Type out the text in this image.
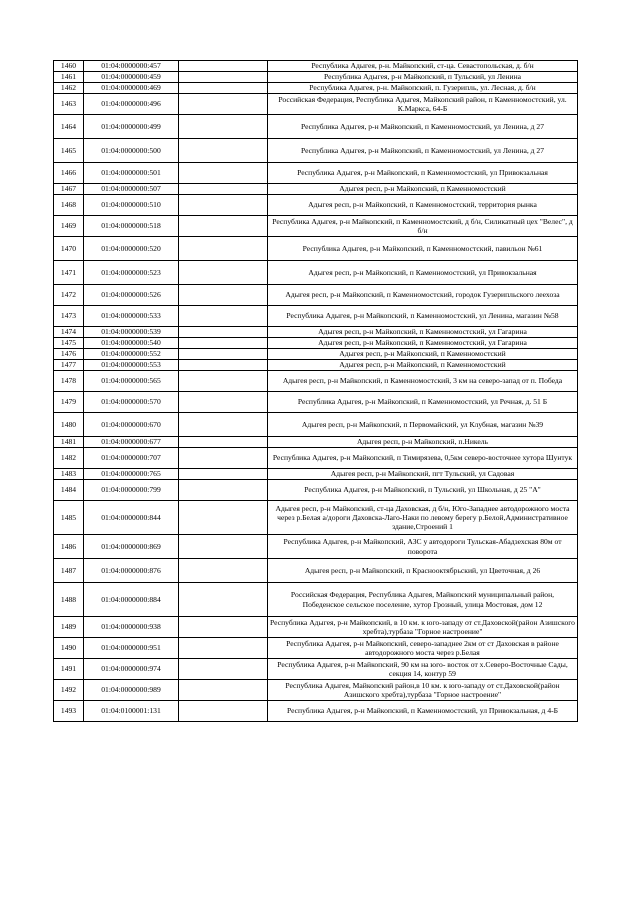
1460	01:04:0000000:457		Республика Адыгея, р-н. Майкопский, ст-ца. Севастопольская, д. б/н
1461	01:04:0000000:459		Республика Адыгея, р-н Майкопский, п Тульский, ул Ленина
1462	01:04:0000000:469		Республика Адыгея, р-н. Майкопский, п. Гузерипль, ул. Лесная, д. б/н
1463	01:04:0000000:496		Российская Федерация, Республика Адыгея, Майкопский район, п Каменномостский, ул. К.Маркса, 64-Б
1464	01:04:0000000:499		Республика Адыгея, р-н Майкопский, п Каменномостский, ул Ленина, д 27
1465	01:04:0000000:500		Республика Адыгея, р-н Майкопский, п Каменномостский, ул Ленина, д 27
1466	01:04:0000000:501		Республика Адыгея, р-н Майкопский, п Каменномостский, ул Привокзальная
1467	01:04:0000000:507		Адыгея респ, р-н Майкопский, п Каменномостский
1468	01:04:0000000:510		Адыгея респ, р-н Майкопский, п Каменномостский, территория рынка
1469	01:04:0000000:518		Республика Адыгея, р-н Майкопский, п Каменномостский, д б/н, Силикатный цех "Велес", д б/н
1470	01:04:0000000:520		Республика Адыгея, р-н Майкопский, п Каменномостский, павильон №61
1471	01:04:0000000:523		Адыгея респ, р-н Майкопский, п Каменномостский, ул Привокзальная
1472	01:04:0000000:526		Адыгея респ, р-н Майкопский, п Каменномостский, городок Гузерипльского леехоза
1473	01:04:0000000:533		Республика Адыгея, р-н Майкопский, п Каменномостский, ул Ленина, магазин №58
1474	01:04:0000000:539		Адыгея респ, р-н Майкопский, п Каменномостский, ул Гагарина
1475	01:04:0000000:540		Адыгея респ, р-н Майкопский, п Каменномостский, ул Гагарина
1476	01:04:0000000:552		Адыгея респ, р-н Майкопский, п Каменномостский
1477	01:04:0000000:553		Адыгея респ, р-н Майкопский, п Каменномостский
1478	01:04:0000000:565		Адыгея респ, р-н Майкопский, п Каменномостский, 3 км на северо-запад от п. Победа
1479	01:04:0000000:570		Республика Адыгея, р-н Майкопский, п Каменномостский, ул Речная, д. 51 Б
1480	01:04:0000000:670		Адыгея респ, р-н Майкопский, п Первомайский, ул Клубная, магазин №39
1481	01:04:0000000:677		Адыгея респ, р-н Майкопский, п.Никель
1482	01:04:0000000:707		Республика Адыгея, р-н Майкопский, п Тимирязева, 0,5км северо-восточнее хутора Шунтук
1483	01:04:0000000:765		Адыгея респ, р-н Майкопский, пгт Тульский, ул Садовая
1484	01:04:0000000:799		Республика Адыгея, р-н Майкопский, п Тульский, ул Школьная, д 25 "А"
1485	01:04:0000000:844		Адыгея респ, р-н Майкопский, ст-ца Даховская, д б/н, Юго-Западнее автодорожного моста через р.Белая а/дороги Даховска-Лаго-Наки по левому берегу р.Белой,Административное здание,Строений 1
1486	01:04:0000000:869		Республика Адыгея, р-н Майкопский, АЗС у автодороги Тульская-Абадзехская 80м от поворота
1487	01:04:0000000:876		Адыгея респ, р-н Майкопский, п Краснооктябрьский, ул Цветочная, д 26
1488	01:04:0000000:884		Российская Федерация, Республика Адыгея, Майкопский муниципальный район, Победенское сельское поселение, хутор Грозный, улица Мостовая, дом 12
1489	01:04:0000000:938		Республика Адыгея, р-н Майкопский, в 10 км. к юго-западу от ст.Даховской(район Азишского хребта),турбаза "Горное настроение"
1490	01:04:0000000:951		Республика Адыгея, р-н Майкопский, северо-западнее 2км от ст Даховская в районе автодорожного моста через р.Белая
1491	01:04:0000000:974		Республика Адыгея, р-н Майкопский, 90 км на юго- восток от х.Северо-Восточные Сады, секция 14, контур 59
1492	01:04:0000000:989		Республика Адыгея, Майкопский район,в 10 км. к юго-западу от ст.Даховской(район Азишского хребта),турбаза "Горное настроение"
1493	01:04:0100001:131		Республика Адыгея, р-н Майкопский, п Каменномостский, ул Привокзальная, д 4-Б
